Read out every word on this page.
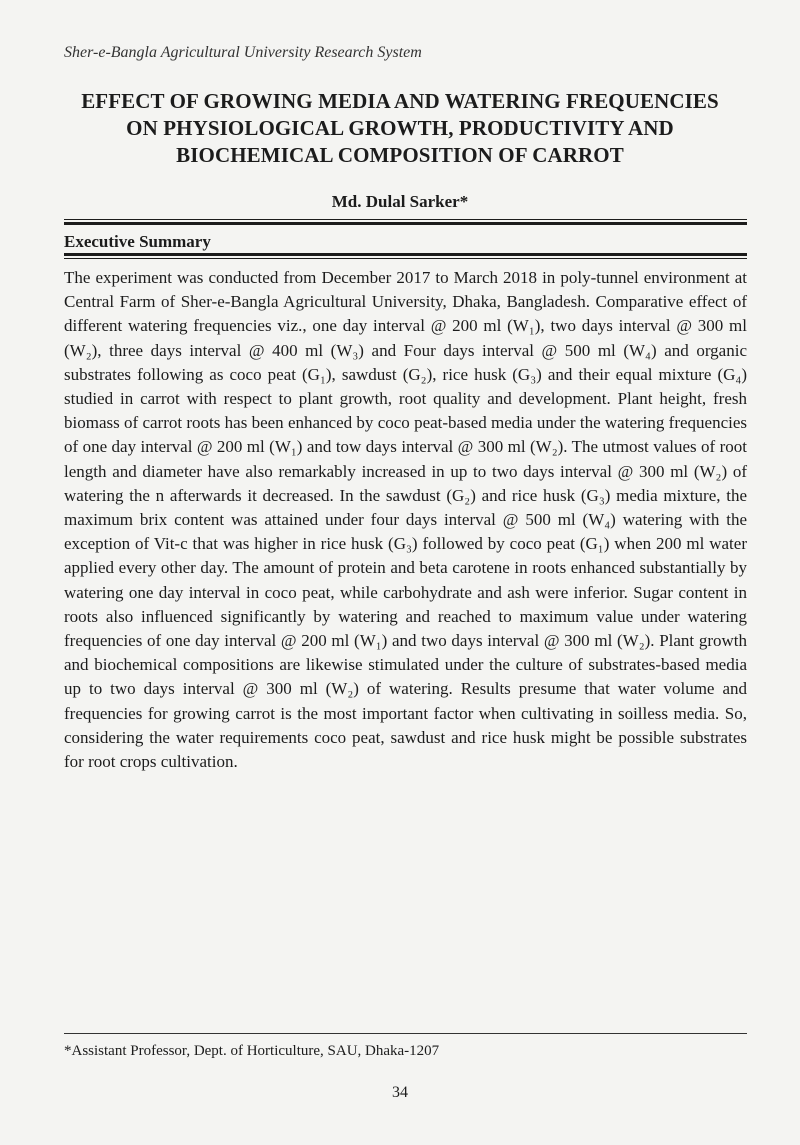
Sher-e-Bangla Agricultural University Research System
EFFECT OF GROWING MEDIA AND WATERING FREQUENCIES
ON PHYSIOLOGICAL GROWTH, PRODUCTIVITY AND
BIOCHEMICAL COMPOSITION OF CARROT
Md. Dulal Sarker*
Executive Summary

The experiment was conducted from December 2017 to March 2018 in poly-tunnel environment at Central Farm of Sher-e-Bangla Agricultural University, Dhaka, Bangladesh. Comparative effect of different watering frequencies viz., one day interval @ 200 ml (W₁), two days interval @ 300 ml (W₂), three days interval @ 400 ml (W₃) and Four days interval @ 500 ml (W₄) and organic substrates following as coco peat (G₁), sawdust (G₂), rice husk (G₃) and their equal mixture (G₄) studied in carrot with respect to plant growth, root quality and development. Plant height, fresh biomass of carrot roots has been enhanced by coco peat-based media under the watering frequencies of one day interval @ 200 ml (W₁) and tow days interval @ 300 ml (W₂). The utmost values of root length and diameter have also remarkably increased in up to two days interval @ 300 ml (W₂) of watering the n afterwards it decreased. In the sawdust (G₂) and rice husk (G₃) media mixture, the maximum brix content was attained under four days interval @ 500 ml (W₄) watering with the exception of Vit-c that was higher in rice husk (G₃) followed by coco peat (G₁) when 200 ml water applied every other day. The amount of protein and beta carotene in roots enhanced substantially by watering one day interval in coco peat, while carbohydrate and ash were inferior. Sugar content in roots also influenced significantly by watering and reached to maximum value under watering frequencies of one day interval @ 200 ml (W₁) and two days interval @ 300 ml (W₂). Plant growth and biochemical compositions are likewise stimulated under the culture of substrates-based media up to two days interval @ 300 ml (W₂) of watering. Results presume that water volume and frequencies for growing carrot is the most important factor when cultivating in soilless media. So, considering the water requirements coco peat, sawdust and rice husk might be possible substrates for root crops cultivation.

*Assistant Professor, Dept. of Horticulture, SAU, Dhaka-1207
34
